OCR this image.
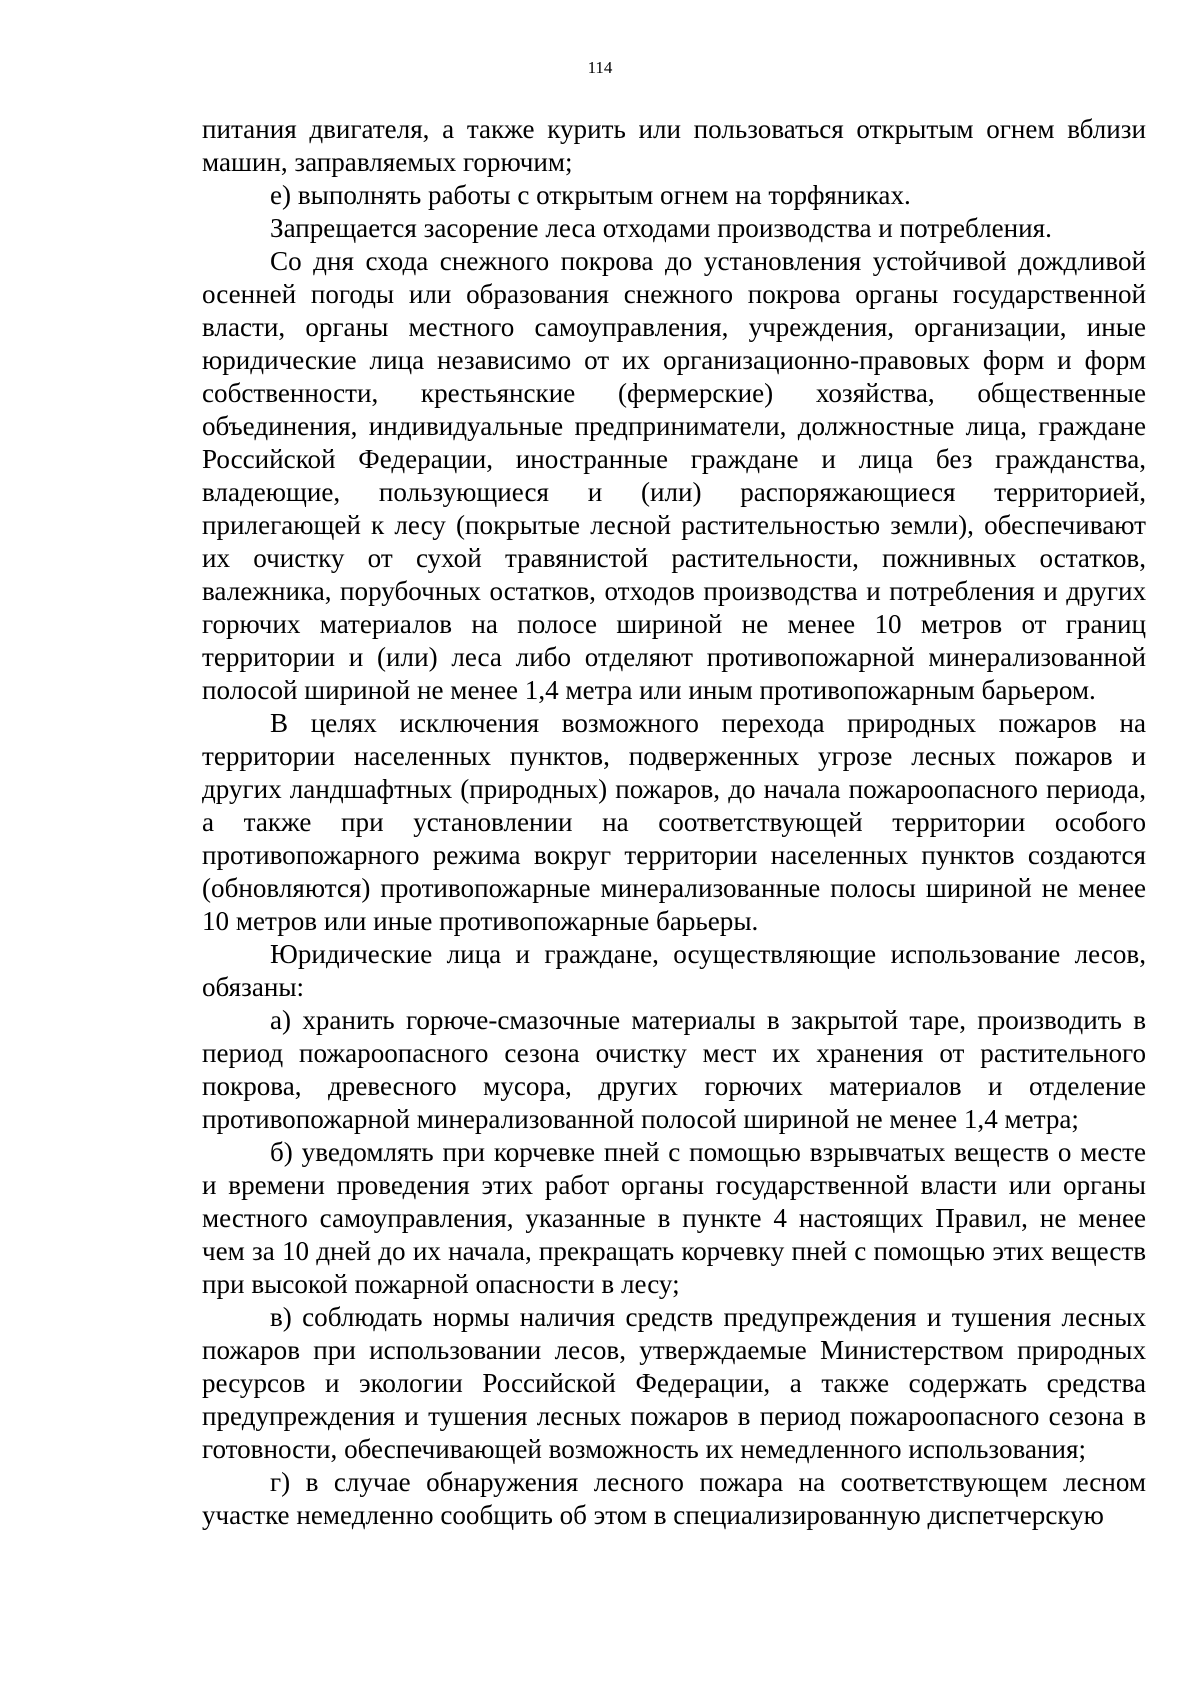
114

питания двигателя, а также курить или пользоваться открытым огнем вблизи машин, заправляемых горючим;

е) выполнять работы с открытым огнем на торфяниках.

Запрещается засорение леса отходами производства и потребления.

Со дня схода снежного покрова до установления устойчивой дождливой осенней погоды или образования снежного покрова органы государственной власти, органы местного самоуправления, учреждения, организации, иные юридические лица независимо от их организационно-правовых форм и форм собственности, крестьянские (фермерские) хозяйства, общественные объединения, индивидуальные предприниматели, должностные лица, граждане Российской Федерации, иностранные граждане и лица без гражданства, владеющие, пользующиеся и (или) распоряжающиеся территорией, прилегающей к лесу (покрытые лесной растительностью земли), обеспечивают их очистку от сухой травянистой растительности, пожнивных остатков, валежника, порубочных остатков, отходов производства и потребления и других горючих материалов на полосе шириной не менее 10 метров от границ территории и (или) леса либо отделяют противопожарной минерализованной полосой шириной не менее 1,4 метра или иным противопожарным барьером.

В целях исключения возможного перехода природных пожаров на территории населенных пунктов, подверженных угрозе лесных пожаров и других ландшафтных (природных) пожаров, до начала пожароопасного периода, а также при установлении на соответствующей территории особого противопожарного режима вокруг территории населенных пунктов создаются (обновляются) противопожарные минерализованные полосы шириной не менее 10 метров или иные противопожарные барьеры.

Юридические лица и граждане, осуществляющие использование лесов, обязаны:

а) хранить горюче-смазочные материалы в закрытой таре, производить в период пожароопасного сезона очистку мест их хранения от растительного покрова, древесного мусора, других горючих материалов и отделение противопожарной минерализованной полосой шириной не менее 1,4 метра;

б) уведомлять при корчевке пней с помощью взрывчатых веществ о месте и времени проведения этих работ органы государственной власти или органы местного самоуправления, указанные в пункте 4 настоящих Правил, не менее чем за 10 дней до их начала, прекращать корчевку пней с помощью этих веществ при высокой пожарной опасности в лесу;

в) соблюдать нормы наличия средств предупреждения и тушения лесных пожаров при использовании лесов, утверждаемые Министерством природных ресурсов и экологии Российской Федерации, а также содержать средства предупреждения и тушения лесных пожаров в период пожароопасного сезона в готовности, обеспечивающей возможность их немедленного использования;

г) в случае обнаружения лесного пожара на соответствующем лесном участке немедленно сообщить об этом в специализированную диспетчерскую
